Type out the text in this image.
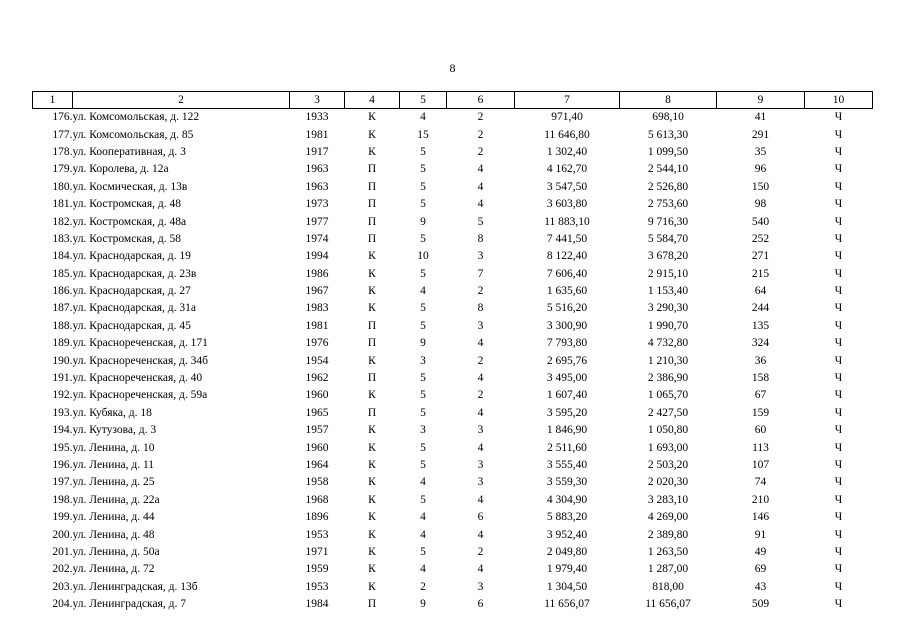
8
1	2	3	4	5	6	7	8	9	10
176.	ул. Комсомольская, д. 122	1933	К	4	2	971,40	698,10	41	Ч
177.	ул. Комсомольская, д. 85	1981	К	15	2	11 646,80	5 613,30	291	Ч
178.	ул. Кооперативная, д. 3	1917	К	5	2	1 302,40	1 099,50	35	Ч
179.	ул. Королева, д. 12а	1963	П	5	4	4 162,70	2 544,10	96	Ч
180.	ул. Космическая, д. 13в	1963	П	5	4	3 547,50	2 526,80	150	Ч
181.	ул. Костромская, д. 48	1973	П	5	4	3 603,80	2 753,60	98	Ч
182.	ул. Костромская, д. 48а	1977	П	9	5	11 883,10	9 716,30	540	Ч
183.	ул. Костромская, д. 58	1974	П	5	8	7 441,50	5 584,70	252	Ч
184.	ул. Краснодарская, д. 19	1994	К	10	3	8 122,40	3 678,20	271	Ч
185.	ул. Краснодарская, д. 23в	1986	К	5	7	7 606,40	2 915,10	215	Ч
186.	ул. Краснодарская, д. 27	1967	К	4	2	1 635,60	1 153,40	64	Ч
187.	ул. Краснодарская, д. 31а	1983	К	5	8	5 516,20	3 290,30	244	Ч
188.	ул. Краснодарская, д. 45	1981	П	5	3	3 300,90	1 990,70	135	Ч
189.	ул. Краснореченская, д. 171	1976	П	9	4	7 793,80	4 732,80	324	Ч
190.	ул. Краснореченская, д. 34б	1954	К	3	2	2 695,76	1 210,30	36	Ч
191.	ул. Краснореченская, д. 40	1962	П	5	4	3 495,00	2 386,90	158	Ч
192.	ул. Краснореченская, д. 59а	1960	К	5	2	1 607,40	1 065,70	67	Ч
193.	ул. Кубяка, д. 18	1965	П	5	4	3 595,20	2 427,50	159	Ч
194.	ул. Кутузова, д. 3	1957	К	3	3	1 846,90	1 050,80	60	Ч
195.	ул. Ленина, д. 10	1960	К	5	4	2 511,60	1 693,00	113	Ч
196.	ул. Ленина, д. 11	1964	К	5	3	3 555,40	2 503,20	107	Ч
197.	ул. Ленина, д. 25	1958	К	4	3	3 559,30	2 020,30	74	Ч
198.	ул. Ленина, д. 22а	1968	К	5	4	4 304,90	3 283,10	210	Ч
199.	ул. Ленина, д. 44	1896	К	4	6	5 883,20	4 269,00	146	Ч
200.	ул. Ленина, д. 48	1953	К	4	4	3 952,40	2 389,80	91	Ч
201.	ул. Ленина, д. 50а	1971	К	5	2	2 049,80	1 263,50	49	Ч
202.	ул. Ленина, д. 72	1959	К	4	4	1 979,40	1 287,00	69	Ч
203.	ул. Ленинградская, д. 13б	1953	К	2	3	1 304,50	818,00	43	Ч
204.	ул. Ленинградская, д. 7	1984	П	9	6	11 656,07	11 656,07	509	Ч
